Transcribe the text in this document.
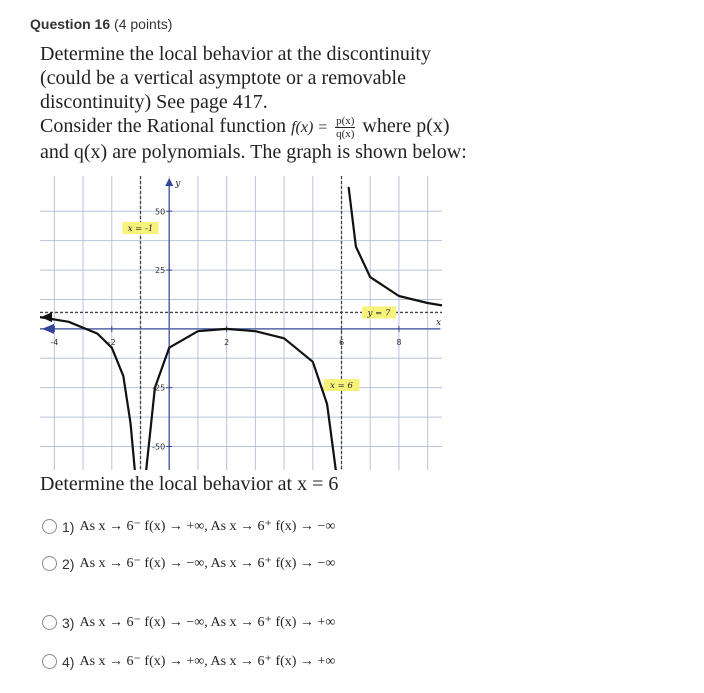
Question 16 (4 points)

Determine the local behavior at the discontinuity

(could be a vertical asymptote or a removable

discontinuity) See page 417.

Consider the Rational function $f(x) = \frac{p(x)}{q(x)}$ where p(x)

and q(x) are polynomials. The graph is shown below:

x
y
-4	-2	2	6	8
50
25
-25
-50
x = -1
x = 6
y = 7
Determine the local behavior at x = 6
1) As x → 6⁻ f(x) → +∞, As x → 6⁺ f(x) → −∞
2) As x → 6⁻ f(x) → −∞, As x → 6⁺ f(x) → −∞
3) As x → 6⁻ f(x) → −∞, As x → 6⁺ f(x) → +∞
4) As x → 6⁻ f(x) → +∞, As x → 6⁺ f(x) → +∞
